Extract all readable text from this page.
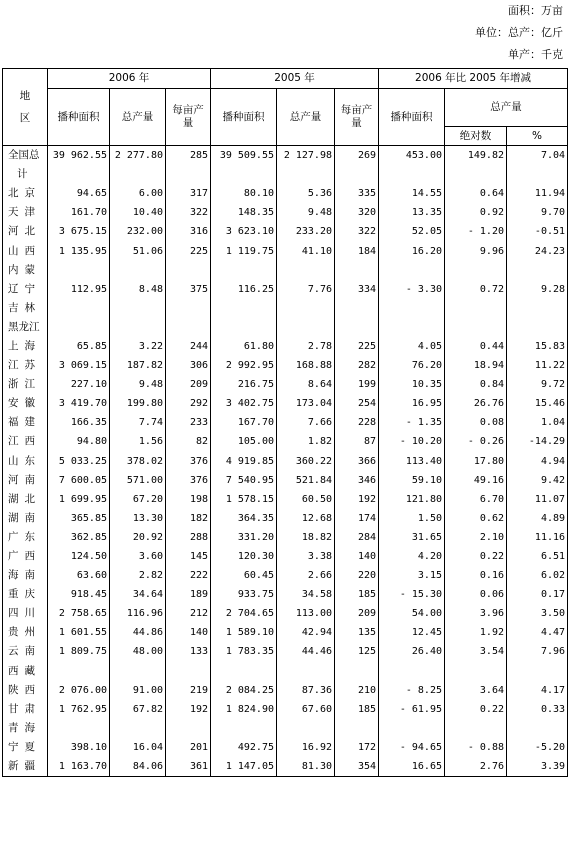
面积：万亩
单位：总产：亿斤
单产：千克
地
区	2006 年			2005 年			2006 年比 2005 年增减		
	播种面积	总产量	每亩产量	播种面积	总产量	每亩产量	播种面积	总产量	
								绝对数	%
全国总	39 962.55	2 277.80	285	39 509.55	2 127.98	269	453.00	149.82	7.04
计									
北京	94.65	6.00	317	80.10	5.36	335	14.55	0.64	11.94
天津	161.70	10.40	322	148.35	9.48	320	13.35	0.92	9.70
河北	3 675.15	232.00	316	3 623.10	233.20	322	52.05	- 1.20	-0.51
山西	1 135.95	51.06	225	1 119.75	41.10	184	16.20	9.96	24.23
内蒙									
辽宁	112.95	8.48	375	116.25	7.76	334	- 3.30	0.72	9.28
吉林									
黑龙江									
上海	65.85	3.22	244	61.80	2.78	225	4.05	0.44	15.83
江苏	3 069.15	187.82	306	2 992.95	168.88	282	76.20	18.94	11.22
浙江	227.10	9.48	209	216.75	8.64	199	10.35	0.84	9.72
安徽	3 419.70	199.80	292	3 402.75	173.04	254	16.95	26.76	15.46
福建	166.35	7.74	233	167.70	7.66	228	- 1.35	0.08	1.04
江西	94.80	1.56	82	105.00	1.82	87	- 10.20	- 0.26	-14.29
山东	5 033.25	378.02	376	4 919.85	360.22	366	113.40	17.80	4.94
河南	7 600.05	571.00	376	7 540.95	521.84	346	59.10	49.16	9.42
湖北	1 699.95	67.20	198	1 578.15	60.50	192	121.80	6.70	11.07
湖南	365.85	13.30	182	364.35	12.68	174	1.50	0.62	4.89
广东	362.85	20.92	288	331.20	18.82	284	31.65	2.10	11.16
广西	124.50	3.60	145	120.30	3.38	140	4.20	0.22	6.51
海南	63.60	2.82	222	60.45	2.66	220	3.15	0.16	6.02
重庆	918.45	34.64	189	933.75	34.58	185	- 15.30	0.06	0.17
四川	2 758.65	116.96	212	2 704.65	113.00	209	54.00	3.96	3.50
贵州	1 601.55	44.86	140	1 589.10	42.94	135	12.45	1.92	4.47
云南	1 809.75	48.00	133	1 783.35	44.46	125	26.40	3.54	7.96
西藏									
陕西	2 076.00	91.00	219	2 084.25	87.36	210	- 8.25	3.64	4.17
甘肃	1 762.95	67.82	192	1 824.90	67.60	185	- 61.95	0.22	0.33
青海									
宁夏	398.10	16.04	201	492.75	16.92	172	- 94.65	- 0.88	-5.20
新疆	1 163.70	84.06	361	1 147.05	81.30	354	16.65	2.76	3.39
